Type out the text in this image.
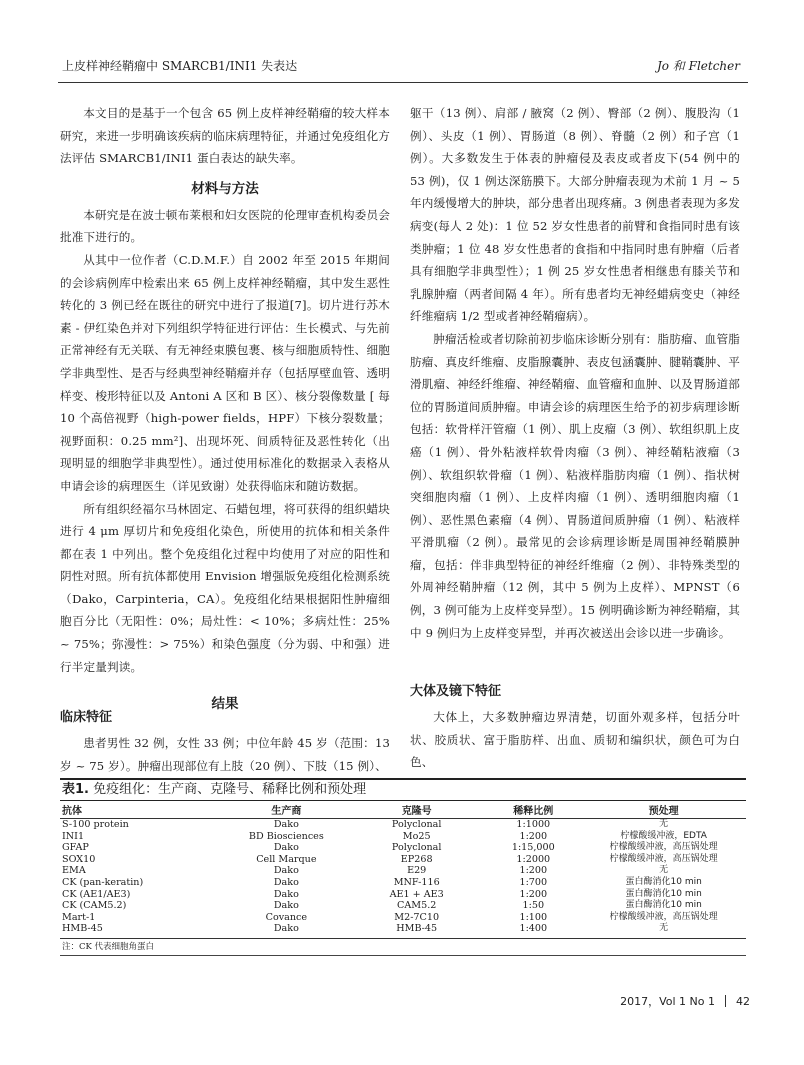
上皮样神经鞘瘤中 SMARCB1/INI1 失表达	Jo 和 Fletcher

本文目的是基于一个包含 65 例上皮样神经鞘瘤的较大样本研究，来进一步明确该疾病的临床病理特征，并通过免疫组化方法评估 SMARCB1/INI1 蛋白表达的缺失率。

材料与方法

本研究是在波士顿布莱根和妇女医院的伦理审查机构委员会批准下进行的。

从其中一位作者（C.D.M.F.）自 2002 年至 2015 年期间的会诊病例库中检索出来 65 例上皮样神经鞘瘤，其中发生恶性转化的 3 例已经在既往的研究中进行了报道[7]。切片进行苏木素 - 伊红染色并对下列组织学特征进行评估：生长模式、与先前正常神经有无关联、有无神经束膜包裹、核与细胞质特性、细胞学非典型性、是否与经典型神经鞘瘤并存（包括厚壁血管、透明样变、梭形特征以及 Antoni A 区和 B 区）、核分裂像数量 [ 每 10 个高倍视野（high-power fields，HPF）下核分裂数量；视野面积：0.25 mm²]、出现坏死、间质特征及恶性转化（出现明显的细胞学非典型性）。通过使用标准化的数据录入表格从申请会诊的病理医生（详见致谢）处获得临床和随访数据。

所有组织经福尔马林固定、石蜡包埋，将可获得的组织蜡块进行 4 μm 厚切片和免疫组化染色，所使用的抗体和相关条件都在表 1 中列出。整个免疫组化过程中均使用了对应的阳性和阴性对照。所有抗体都使用 Envision 增强版免疫组化检测系统（Dako，Carpinteria，CA）。免疫组化结果根据阳性肿瘤细胞百分比（无阳性：0%；局灶性：< 10%；多病灶性：25% ~ 75%；弥漫性：> 75%）和染色强度（分为弱、中和强）进行半定量判读。

结果
临床特征

患者男性 32 例，女性 33 例；中位年龄 45 岁（范围：13 岁 ~ 75 岁）。肿瘤出现部位有上肢（20 例）、下肢（15 例）、

躯干（13 例）、肩部 / 腋窝（2 例）、臀部（2 例）、腹股沟（1 例）、头皮（1 例）、胃肠道（8 例）、脊髓（2 例）和子宫（1 例）。大多数发生于体表的肿瘤侵及表皮或者皮下(54 例中的 53 例)，仅 1 例达深筋膜下。大部分肿瘤表现为术前 1 月 ~ 5 年内缓慢增大的肿块，部分患者出现疼痛。3 例患者表现为多发病变(每人 2 处)：1 位 52 岁女性患者的前臂和食指同时患有该类肿瘤；1 位 48 岁女性患者的食指和中指同时患有肿瘤（后者具有细胞学非典型性）；1 例 25 岁女性患者相继患有膝关节和乳腺肿瘤（两者间隔 4 年）。所有患者均无神经蜡病变史（神经纤维瘤病 1/2 型或者神经鞘瘤病）。

肿瘤活检或者切除前初步临床诊断分别有：脂肪瘤、血管脂肪瘤、真皮纤维瘤、皮脂腺囊肿、表皮包涵囊肿、腱鞘囊肿、平滑肌瘤、神经纤维瘤、神经鞘瘤、血管瘤和血肿、以及胃肠道部位的胃肠道间质肿瘤。申请会诊的病理医生给予的初步病理诊断包括：软骨样汗管瘤（1 例）、肌上皮瘤（3 例）、软组织肌上皮癌（1 例）、骨外粘液样软骨肉瘤（3 例）、神经鞘粘液瘤（3 例）、软组织软骨瘤（1 例）、粘液样脂肪肉瘤（1 例）、指状树突细胞肉瘤（1 例）、上皮样肉瘤（1 例）、透明细胞肉瘤（1 例）、恶性黑色素瘤（4 例）、胃肠道间质肿瘤（1 例）、粘液样平滑肌瘤（2 例）。最常见的会诊病理诊断是周围神经鞘膜肿瘤，包括：伴非典型特征的神经纤维瘤（2 例）、非特殊类型的外周神经鞘肿瘤（12 例，其中 5 例为上皮样）、MPNST（6 例，3 例可能为上皮样变异型）。15 例明确诊断为神经鞘瘤，其中 9 例归为上皮样变异型，并再次被送出会诊以进一步确诊。

大体及镜下特征

大体上，大多数肿瘤边界清楚，切面外观多样，包括分叶状、胶质状、富于脂肪样、出血、质韧和编织状，颜色可为白色、

表1. 免疫组化：生产商、克隆号、稀释比例和预处理
抗体	生产商	克隆号	稀释比例	预处理
S-100 protein	Dako	Polyclonal	1:1000	无
INI1	BD Biosciences	Mo25	1:200	柠檬酸缓冲液，EDTA
GFAP	Dako	Polyclonal	1:15,000	柠檬酸缓冲液，高压锅处理
SOX10	Cell Marque	EP268	1:2000	柠檬酸缓冲液，高压锅处理
EMA	Dako	E29	1:200	无
CK (pan-keratin)	Dako	MNF-116	1:700	蛋白酶消化10 min
CK (AE1/AE3)	Dako	AE1 + AE3	1:200	蛋白酶消化10 min
CK (CAM5.2)	Dako	CAM5.2	1:50	蛋白酶消化10 min
Mart-1	Covance	M2-7C10	1:100	柠檬酸缓冲液，高压锅处理
HMB-45	Dako	HMB-45	1:400	无
注：CK 代表细胞角蛋白
2017，Vol 1 No 1 42
